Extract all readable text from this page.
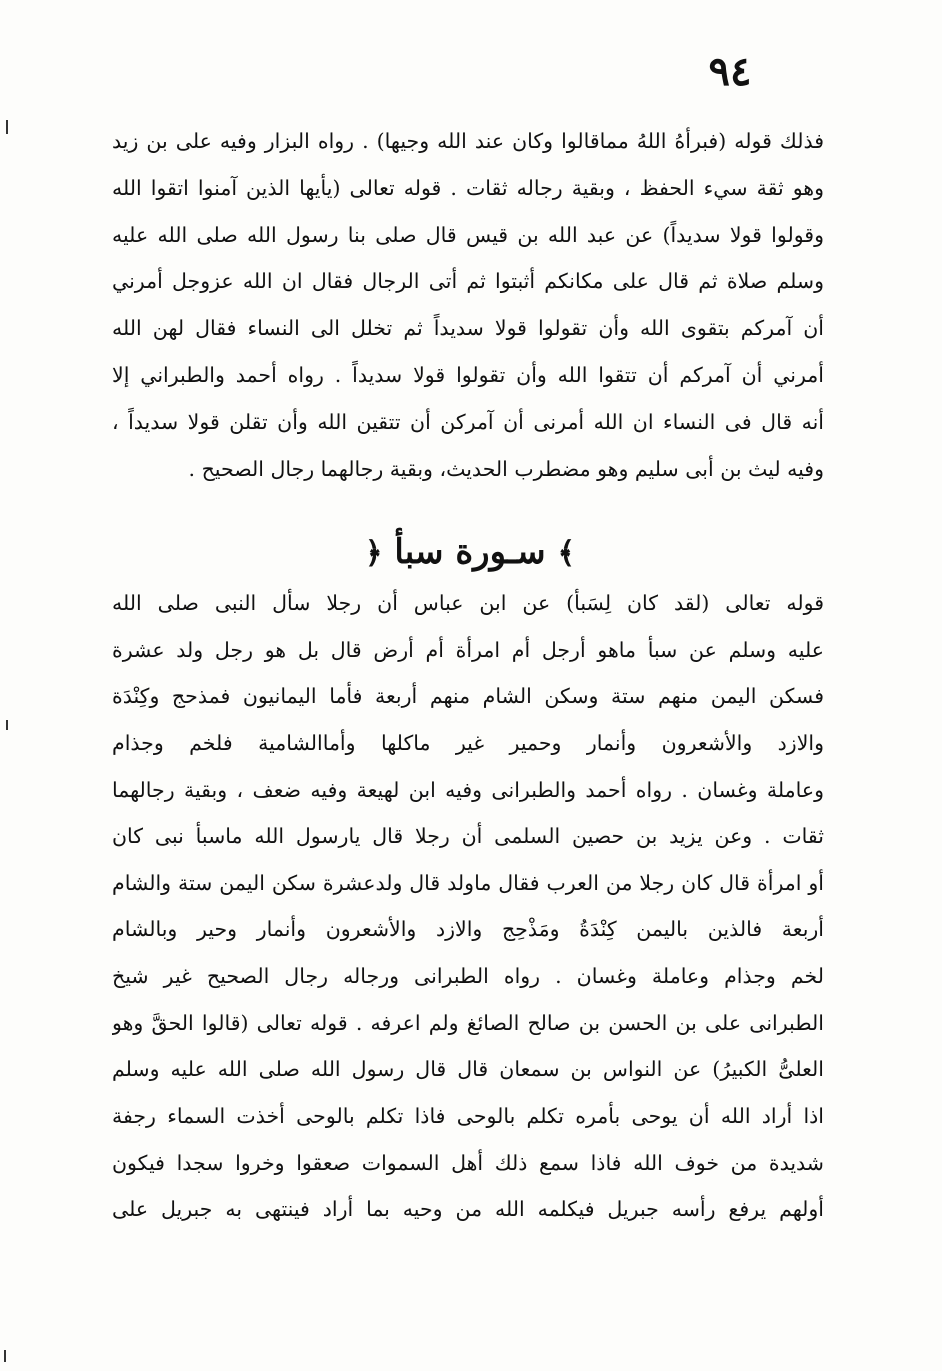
٩٤
فذلك قوله (فبرأهُ اللهُ مماقالوا وكان عند الله وجيها) . رواه البزار وفيه على بن زيد
وهو ثقة سيء الحفظ ، وبقية رجاله ثقات . قوله تعالى (يأيها الذين آمنوا اتقوا الله
وقولوا قولا سديداً) عن عبد الله بن قيس قال صلى بنا رسول الله صلى الله عليه
وسلم صلاة ثم قال على مكانكم أثبتوا ثم أتى الرجال فقال ان الله عزوجل أمرني
أن آمركم بتقوى الله وأن تقولوا قولا سديداً ثم تخلل الى النساء فقال لهن الله
أمرني أن آمركم أن تتقوا الله وأن تقولوا قولا سديداً . رواه أحمد والطبراني إلا
أنه قال فى النساء ان الله أمرنى أن آمركن أن تتقين الله وأن تقلن قولا سديداً ،
وفيه ليث بن أبى سليم وهو مضطرب الحديث، وبقية رجالهما رجال الصحيح .
﴾ سـورة سبأ ﴿
قوله تعالى (لقد كان لِسَبأ) عن ابن عباس أن رجلا سأل النبى صلى الله
عليه وسلم عن سبأ ماهو أرجل أم امرأة أم أرض قال بل هو رجل ولد عشرة
فسكن اليمن منهم ستة وسكن الشام منهم أربعة فأما اليمانيون فمذحج وكِنْدَة
والازد والأشعرون وأنمار وحمير غير ماكلها وأماالشامية فلخم وجذام
وعاملة وغسان . رواه أحمد والطبرانى وفيه ابن لهيعة وفيه ضعف ، وبقية رجالهما
ثقات . وعن يزيد بن حصين السلمى أن رجلا قال يارسول الله ماسبأ نبى كان
أو امرأة قال كان رجلا من العرب فقال ماولد قال ولدعشرة سكن اليمن ستة والشام
أربعة فالذين باليمن كِنْدَةُ ومَذْحِج والازد والأشعرون وأنمار وحير وبالشام
لخم وجذام وعاملة وغسان . رواه الطبرانى ورجاله رجال الصحيح غير شيخ
الطبرانى على بن الحسن بن صالح الصائغ ولم اعرفه . قوله تعالى (قالوا الحقَّ وهو
العلىُّ الكبيرُ) عن النواس بن سمعان قال قال رسول الله صلى الله عليه وسلم
اذا أراد الله أن يوحى بأمره تكلم بالوحى فاذا تكلم بالوحى أخذت السماء رجفة
شديدة من خوف الله فاذا سمع ذلك أهل السموات صعقوا وخروا سجدا فيكون
أولهم يرفع رأسه جبريل فيكلمه الله من وحيه بما أراد فينتهى به جبريل على
